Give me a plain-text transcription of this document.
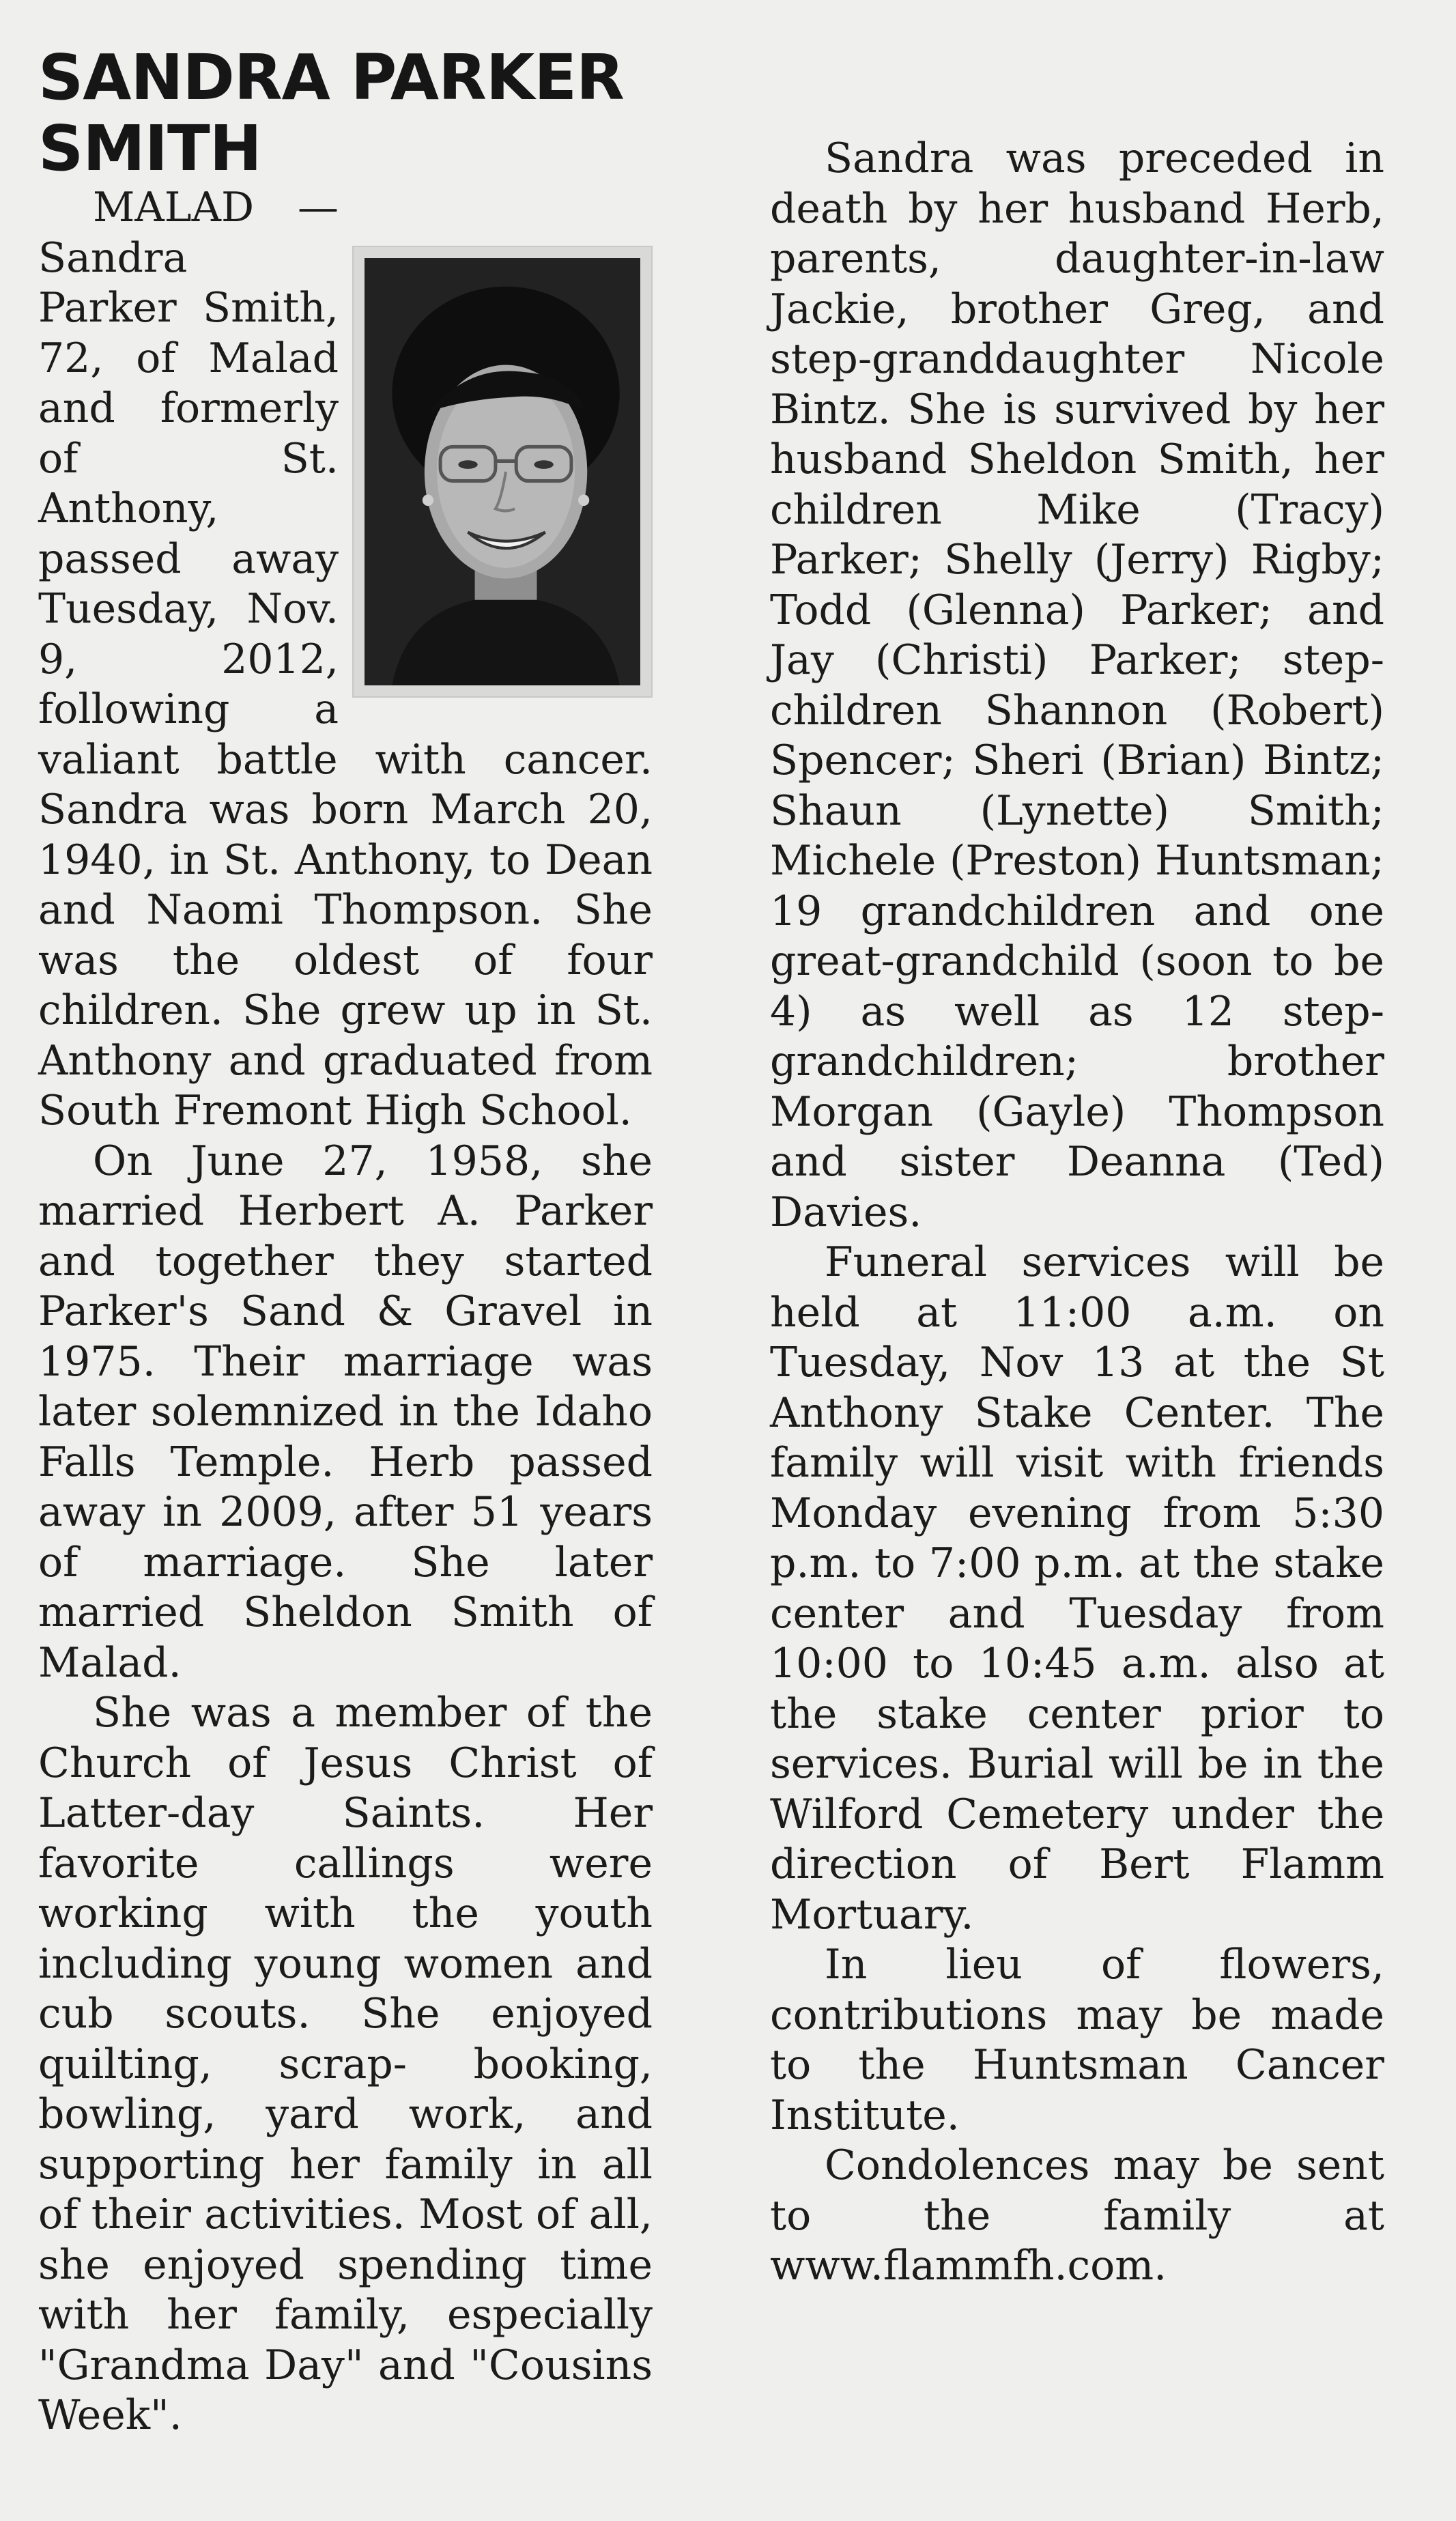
SANDRA PARKER
SMITH

MALAD — Sandra Parker Smith, 72, of Malad and formerly of St. Anthony, passed away Tuesday, Nov. 9, 2012, following a valiant battle with cancer. Sandra was born March 20, 1940, in St. Anthony, to Dean and Naomi Thompson. She was the oldest of four children. She grew up in St. Anthony and graduated from South Fremont High School.

On June 27, 1958, she married Herbert A. Parker and together they started Parker's Sand & Gravel in 1975. Their marriage was later solemnized in the Idaho Falls Temple. Herb passed away in 2009, after 51 years of marriage. She later married Sheldon Smith of Malad.

She was a member of the Church of Jesus Christ of Latter-day Saints. Her favorite callings were working with the youth including young women and cub scouts. She enjoyed quilting, scrap- booking, bowling, yard work, and supporting her family in all of their activities. Most of all, she enjoyed spending time with her family, especially "Grandma Day" and "Cousins Week".

Sandra was preceded in death by her husband Herb, parents, daughter-in-law Jackie, brother Greg, and step-granddaughter Nicole Bintz. She is survived by her husband Sheldon Smith, her children Mike (Tracy) Parker; Shelly (Jerry) Rigby; Todd (Glenna) Parker; and Jay (Christi) Parker; step-children Shannon (Robert) Spencer; Sheri (Brian) Bintz; Shaun (Lynette) Smith; Michele (Preston) Huntsman; 19 grandchildren and one great-grandchild (soon to be 4) as well as 12 step-grandchildren; brother Morgan (Gayle) Thompson and sister Deanna (Ted) Davies.

Funeral services will be held at 11:00 a.m. on Tuesday, Nov 13 at the St Anthony Stake Center. The family will visit with friends Monday evening from 5:30 p.m. to 7:00 p.m. at the stake center and Tuesday from 10:00 to 10:45 a.m. also at the stake center prior to services. Burial will be in the Wilford Cemetery under the direction of Bert Flamm Mortuary.

In lieu of flowers, contributions may be made to the Huntsman Cancer Institute.

Condolences may be sent to the family at www.flammfh.com.
